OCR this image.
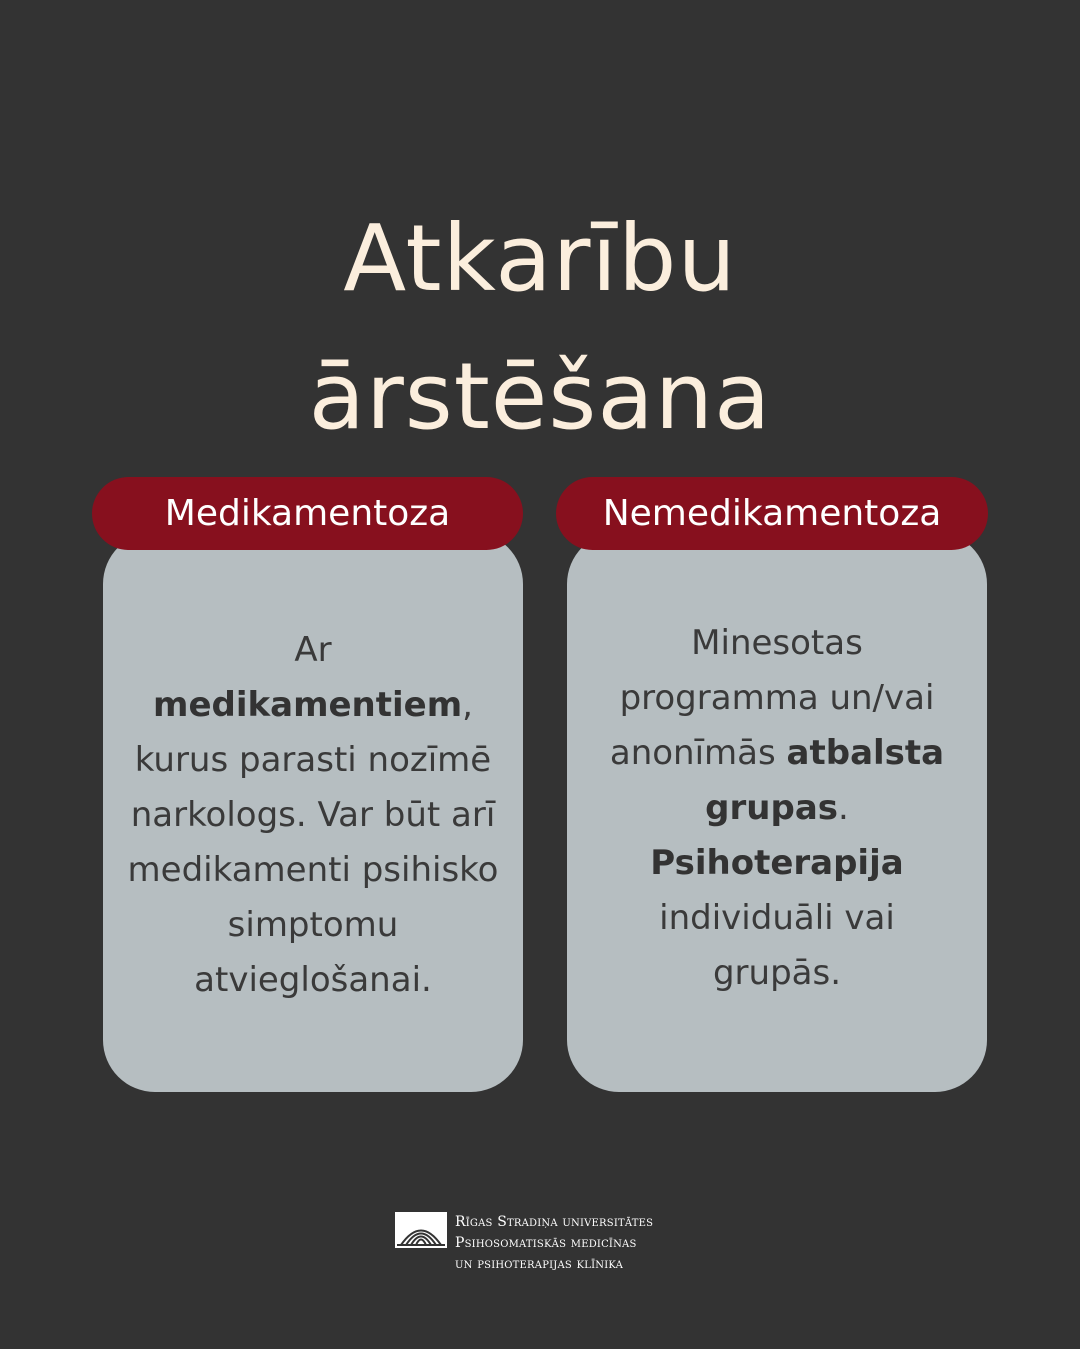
Atkarību
ārstēšana
Ar
medikamentiem,
kurus parasti nozīmē
narkologs. Var būt arī
medikamenti psihisko
simptomu
atvieglošanai.
Medikamentoza
Minesotas
programma un/vai
anonīmās atbalsta
grupas.
Psihoterapija
individuāli vai
grupās.
Nemedikamentoza
Rīgas Stradiņa universitātes
Psihosomatiskās medicīnas
un psihoterapijas klīnika
